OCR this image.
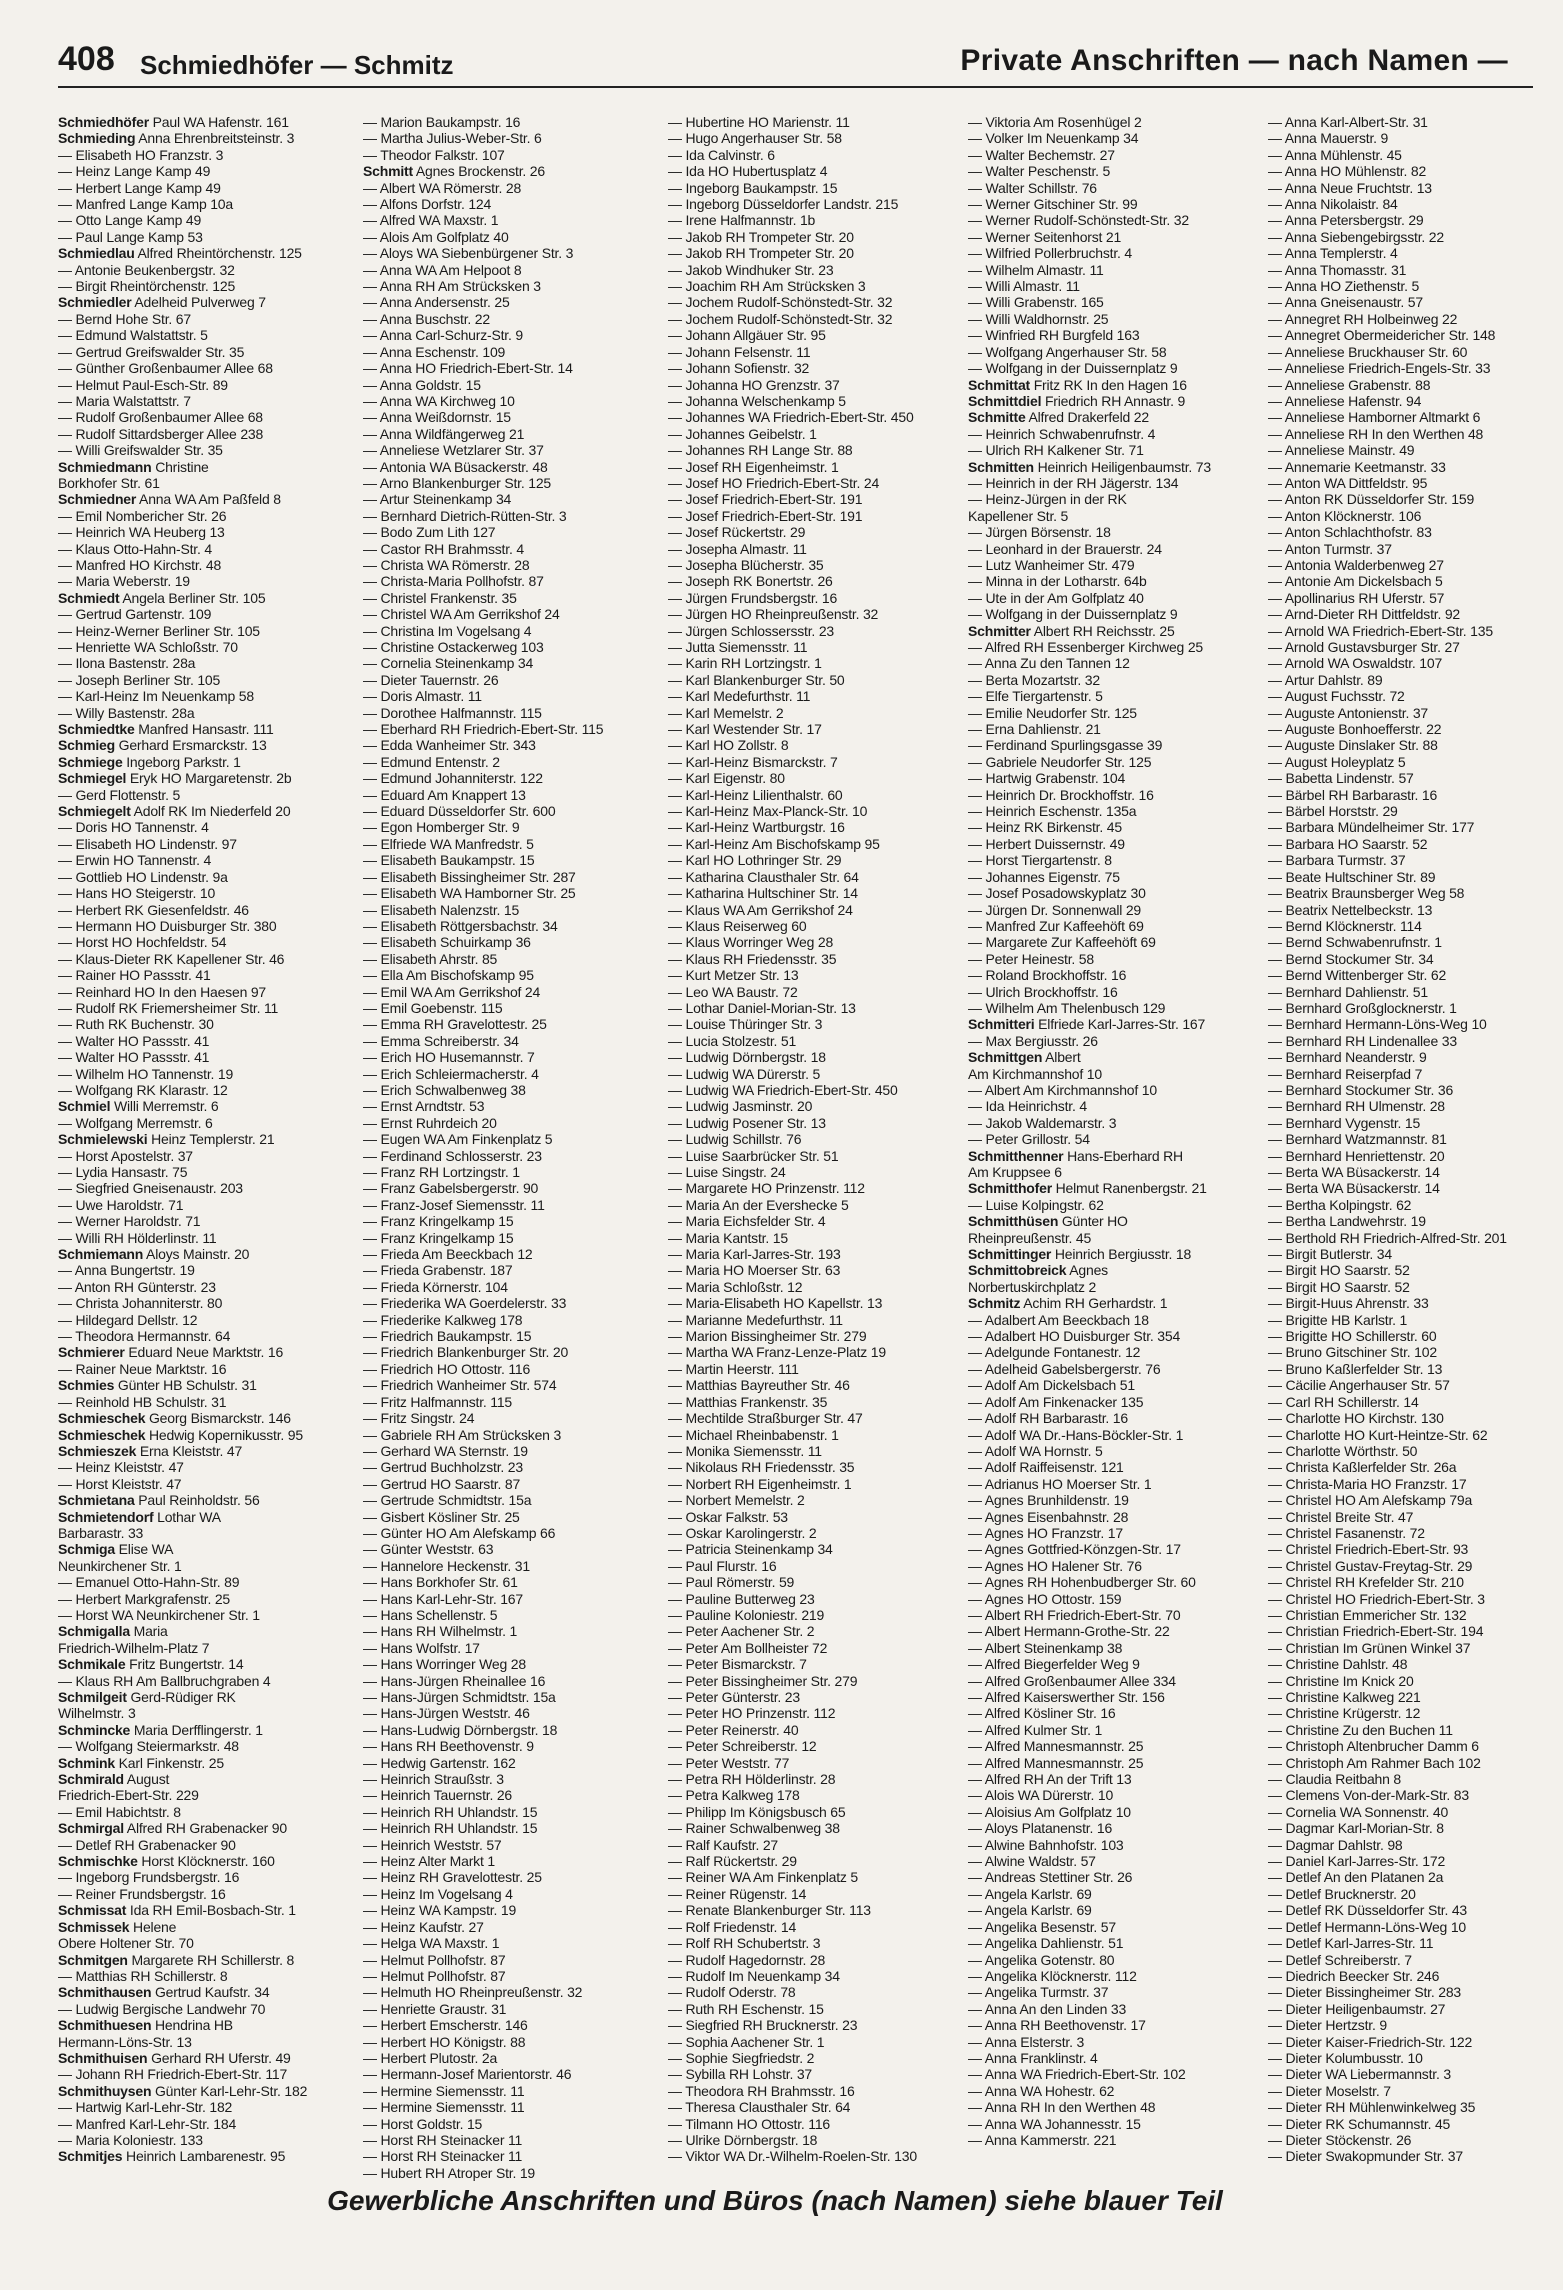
408 Schmiedhöfer — Schmitz	Private Anschriften — nach Namen —
Schmiedhöfer Paul WA Hafenstr. 161
Schmieding Anna Ehrenbreitsteinstr. 3
— Elisabeth HO Franzstr. 3
— Heinz Lange Kamp 49
— Herbert Lange Kamp 49
— Manfred Lange Kamp 10a
— Otto Lange Kamp 49
— Paul Lange Kamp 53
Schmiedlau Alfred Rheintörchenstr. 125
— Antonie Beukenbergstr. 32
— Birgit Rheintörchenstr. 125
Schmiedler Adelheid Pulverweg 7
— Bernd Hohe Str. 67
— Edmund Walstattstr. 5
— Gertrud Greifswalder Str. 35
— Günther Großenbaumer Allee 68
— Helmut Paul-Esch-Str. 89
— Maria Walstattstr. 7
— Rudolf Großenbaumer Allee 68
— Rudolf Sittardsberger Allee 238
— Willi Greifswalder Str. 35
Schmiedmann Christine
Borkhofer Str. 61
Schmiedner Anna WA Am Paßfeld 8
— Emil Nombericher Str. 26
— Heinrich WA Heuberg 13
— Klaus Otto-Hahn-Str. 4
— Manfred HO Kirchstr. 48
— Maria Weberstr. 19
Schmiedt Angela Berliner Str. 105
— Gertrud Gartenstr. 109
— Heinz-Werner Berliner Str. 105
— Henriette WA Schloßstr. 70
— Ilona Bastenstr. 28a
— Joseph Berliner Str. 105
— Karl-Heinz Im Neuenkamp 58
— Willy Bastenstr. 28a
Schmiedtke Manfred Hansastr. 111
Schmieg Gerhard Ersmarckstr. 13
Schmiege Ingeborg Parkstr. 1
Schmiegel Eryk HO Margaretenstr. 2b
— Gerd Flottenstr. 5
Schmiegelt Adolf RK Im Niederfeld 20
— Doris HO Tannenstr. 4
— Elisabeth HO Lindenstr. 97
— Erwin HO Tannenstr. 4
— Gottlieb HO Lindenstr. 9a
— Hans HO Steigerstr. 10
— Herbert RK Giesenfeldstr. 46
— Hermann HO Duisburger Str. 380
— Horst HO Hochfeldstr. 54
— Klaus-Dieter RK Kapellener Str. 46
— Rainer HO Passstr. 41
— Reinhard HO In den Haesen 97
— Rudolf RK Friemersheimer Str. 11
— Ruth RK Buchenstr. 30
— Walter HO Passstr. 41
— Walter HO Passstr. 41
— Wilhelm HO Tannenstr. 19
— Wolfgang RK Klarastr. 12
Schmiel Willi Merremstr. 6
— Wolfgang Merremstr. 6
Schmielewski Heinz Templerstr. 21
— Horst Apostelstr. 37
— Lydia Hansastr. 75
— Siegfried Gneisenaustr. 203
— Uwe Haroldstr. 71
— Werner Haroldstr. 71
— Willi RH Hölderlinstr. 11
Schmiemann Aloys Mainstr. 20
— Anna Bungertstr. 19
— Anton RH Günterstr. 23
— Christa Johanniterstr. 80
— Hildegard Dellstr. 12
— Theodora Hermannstr. 64
Schmierer Eduard Neue Marktstr. 16
— Rainer Neue Marktstr. 16
Schmies Günter HB Schulstr. 31
— Reinhold HB Schulstr. 31
Schmieschek Georg Bismarckstr. 146
Schmieschek Hedwig Kopernikusstr. 95
Schmieszek Erna Kleiststr. 47
— Heinz Kleiststr. 47
— Horst Kleiststr. 47
Schmietana Paul Reinholdstr. 56
Schmietendorf Lothar WA
Barbarastr. 33
Schmiga Elise WA
Neunkirchener Str. 1
— Emanuel Otto-Hahn-Str. 89
— Herbert Markgrafenstr. 25
— Horst WA Neunkirchener Str. 1
Schmigalla Maria
Friedrich-Wilhelm-Platz 7
Schmikale Fritz Bungertstr. 14
— Klaus RH Am Ballbruchgraben 4
Schmilgeit Gerd-Rüdiger RK
Wilhelmstr. 3
Schmincke Maria Derfflingerstr. 1
— Wolfgang Steiermarkstr. 48
Schmink Karl Finkenstr. 25
Schmirald August
Friedrich-Ebert-Str. 229
— Emil Habichtstr. 8
Schmirgal Alfred RH Grabenacker 90
— Detlef RH Grabenacker 90
Schmischke Horst Klöcknerstr. 160
— Ingeborg Frundsbergstr. 16
— Reiner Frundsbergstr. 16
Schmissat Ida RH Emil-Bosbach-Str. 1
Schmissek Helene
Obere Holtener Str. 70
Schmitgen Margarete RH Schillerstr. 8
— Matthias RH Schillerstr. 8
Schmithausen Gertrud Kaufstr. 34
— Ludwig Bergische Landwehr 70
Schmithuesen Hendrina HB
Hermann-Löns-Str. 13
Schmithuisen Gerhard RH Uferstr. 49
— Johann RH Friedrich-Ebert-Str. 117
Schmithuysen Günter Karl-Lehr-Str. 182
— Hartwig Karl-Lehr-Str. 182
— Manfred Karl-Lehr-Str. 184
— Maria Koloniestr. 133
Schmitjes Heinrich Lambarenestr. 95
— Marion Baukampstr. 16
— Martha Julius-Weber-Str. 6
— Theodor Falkstr. 107
Schmitt Agnes Brockenstr. 26
— Albert WA Römerstr. 28
— Alfons Dorfstr. 124
— Alfred WA Maxstr. 1
— Alois Am Golfplatz 40
— Aloys WA Siebenbürgener Str. 3
— Anna WA Am Helpoot 8
— Anna RH Am Strücksken 3
— Anna Andersenstr. 25
— Anna Buschstr. 22
— Anna Carl-Schurz-Str. 9
— Anna Eschenstr. 109
— Anna HO Friedrich-Ebert-Str. 14
— Anna Goldstr. 15
— Anna WA Kirchweg 10
— Anna Weißdornstr. 15
— Anna Wildfängerweg 21
— Anneliese Wetzlarer Str. 37
— Antonia WA Büsackerstr. 48
— Arno Blankenburger Str. 125
— Artur Steinenkamp 34
— Bernhard Dietrich-Rütten-Str. 3
— Bodo Zum Lith 127
— Castor RH Brahmsstr. 4
— Christa WA Römerstr. 28
— Christa-Maria Pollhofstr. 87
— Christel Frankenstr. 35
— Christel WA Am Gerrikshof 24
— Christina Im Vogelsang 4
— Christine Ostackerweg 103
— Cornelia Steinenkamp 34
— Dieter Tauernstr. 26
— Doris Almastr. 11
— Dorothee Halfmannstr. 115
— Eberhard RH Friedrich-Ebert-Str. 115
— Edda Wanheimer Str. 343
— Edmund Entenstr. 2
— Edmund Johanniterstr. 122
— Eduard Am Knappert 13
— Eduard Düsseldorfer Str. 600
— Egon Homberger Str. 9
— Elfriede WA Manfredstr. 5
— Elisabeth Baukampstr. 15
— Elisabeth Bissingheimer Str. 287
— Elisabeth WA Hamborner Str. 25
— Elisabeth Nalenzstr. 15
— Elisabeth Röttgersbachstr. 34
— Elisabeth Schuirkamp 36
— Elisabeth Ahrstr. 85
— Ella Am Bischofskamp 95
— Emil WA Am Gerrikshof 24
— Emil Goebenstr. 115
— Emma RH Gravelottestr. 25
— Emma Schreiberstr. 34
— Erich HO Husemannstr. 7
— Erich Schleiermacherstr. 4
— Erich Schwalbenweg 38
— Ernst Arndtstr. 53
— Ernst Ruhrdeich 20
— Eugen WA Am Finkenplatz 5
— Ferdinand Schlosserstr. 23
— Franz RH Lortzingstr. 1
— Franz Gabelsbergerstr. 90
— Franz-Josef Siemensstr. 11
— Franz Kringelkamp 15
— Franz Kringelkamp 15
— Frieda Am Beeckbach 12
— Frieda Grabenstr. 187
— Frieda Körnerstr. 104
— Friederika WA Goerdelerstr. 33
— Friederike Kalkweg 178
— Friedrich Baukampstr. 15
— Friedrich Blankenburger Str. 20
— Friedrich HO Ottostr. 116
— Friedrich Wanheimer Str. 574
— Fritz Halfmannstr. 115
— Fritz Singstr. 24
— Gabriele RH Am Strücksken 3
— Gerhard WA Sternstr. 19
— Gertrud Buchholzstr. 23
— Gertrud HO Saarstr. 87
— Gertrude Schmidtstr. 15a
— Gisbert Kösliner Str. 25
— Günter HO Am Alefskamp 66
— Günter Weststr. 63
— Hannelore Heckenstr. 31
— Hans Borkhofer Str. 61
— Hans Karl-Lehr-Str. 167
— Hans Schellenstr. 5
— Hans RH Wilhelmstr. 1
— Hans Wolfstr. 17
— Hans Worringer Weg 28
— Hans-Jürgen Rheinallee 16
— Hans-Jürgen Schmidtstr. 15a
— Hans-Jürgen Weststr. 46
— Hans-Ludwig Dörnbergstr. 18
— Hans RH Beethovenstr. 9
— Hedwig Gartenstr. 162
— Heinrich Straußstr. 3
— Heinrich Tauernstr. 26
— Heinrich RH Uhlandstr. 15
— Heinrich RH Uhlandstr. 15
— Heinrich Weststr. 57
— Heinz Alter Markt 1
— Heinz RH Gravelottestr. 25
— Heinz Im Vogelsang 4
— Heinz WA Kampstr. 19
— Heinz Kaufstr. 27
— Helga WA Maxstr. 1
— Helmut Pollhofstr. 87
— Helmut Pollhofstr. 87
— Helmuth HO Rheinpreußenstr. 32
— Henriette Graustr. 31
— Herbert Emscherstr. 146
— Herbert HO Königstr. 88
— Herbert Plutostr. 2a
— Hermann-Josef Marientorstr. 46
— Hermine Siemensstr. 11
— Hermine Siemensstr. 11
— Horst Goldstr. 15
— Horst RH Steinacker 11
— Horst RH Steinacker 11
— Hubert RH Atroper Str. 19
— Hubertine HO Marienstr. 11
— Hugo Angerhauser Str. 58
— Ida Calvinstr. 6
— Ida HO Hubertusplatz 4
— Ingeborg Baukampstr. 15
— Ingeborg Düsseldorfer Landstr. 215
— Irene Halfmannstr. 1b
— Jakob RH Trompeter Str. 20
— Jakob RH Trompeter Str. 20
— Jakob Windhuker Str. 23
— Joachim RH Am Strücksken 3
— Jochem Rudolf-Schönstedt-Str. 32
— Jochem Rudolf-Schönstedt-Str. 32
— Johann Allgäuer Str. 95
— Johann Felsenstr. 11
— Johann Sofienstr. 32
— Johanna HO Grenzstr. 37
— Johanna Welschenkamp 5
— Johannes WA Friedrich-Ebert-Str. 450
— Johannes Geibelstr. 1
— Johannes RH Lange Str. 88
— Josef RH Eigenheimstr. 1
— Josef HO Friedrich-Ebert-Str. 24
— Josef Friedrich-Ebert-Str. 191
— Josef Friedrich-Ebert-Str. 191
— Josef Rückertstr. 29
— Josepha Almastr. 11
— Josepha Blücherstr. 35
— Joseph RK Bonertstr. 26
— Jürgen Frundsbergstr. 16
— Jürgen HO Rheinpreußenstr. 32
— Jürgen Schlossersstr. 23
— Jutta Siemensstr. 11
— Karin RH Lortzingstr. 1
— Karl Blankenburger Str. 50
— Karl Medefurthstr. 11
— Karl Memelstr. 2
— Karl Westender Str. 17
— Karl HO Zollstr. 8
— Karl-Heinz Bismarckstr. 7
— Karl Eigenstr. 80
— Karl-Heinz Lilienthalstr. 60
— Karl-Heinz Max-Planck-Str. 10
— Karl-Heinz Wartburgstr. 16
— Karl-Heinz Am Bischofskamp 95
— Karl HO Lothringer Str. 29
— Katharina Clausthaler Str. 64
— Katharina Hultschiner Str. 14
— Klaus WA Am Gerrikshof 24
— Klaus Reiserweg 60
— Klaus Worringer Weg 28
— Klaus RH Friedensstr. 35
— Kurt Metzer Str. 13
— Leo WA Baustr. 72
— Lothar Daniel-Morian-Str. 13
— Louise Thüringer Str. 3
— Lucia Stolzestr. 51
— Ludwig Dörnbergstr. 18
— Ludwig WA Dürerstr. 5
— Ludwig WA Friedrich-Ebert-Str. 450
— Ludwig Jasminstr. 20
— Ludwig Posener Str. 13
— Ludwig Schillstr. 76
— Luise Saarbrücker Str. 51
— Luise Singstr. 24
— Margarete HO Prinzenstr. 112
— Maria An der Evershecke 5
— Maria Eichsfelder Str. 4
— Maria Kantstr. 15
— Maria Karl-Jarres-Str. 193
— Maria HO Moerser Str. 63
— Maria Schloßstr. 12
— Maria-Elisabeth HO Kapellstr. 13
— Marianne Medefurthstr. 11
— Marion Bissingheimer Str. 279
— Martha WA Franz-Lenze-Platz 19
— Martin Heerstr. 111
— Matthias Bayreuther Str. 46
— Matthias Frankenstr. 35
— Mechtilde Straßburger Str. 47
— Michael Rheinbabenstr. 1
— Monika Siemensstr. 11
— Nikolaus RH Friedensstr. 35
— Norbert RH Eigenheimstr. 1
— Norbert Memelstr. 2
— Oskar Falkstr. 53
— Oskar Karolingerstr. 2
— Patricia Steinenkamp 34
— Paul Flurstr. 16
— Paul Römerstr. 59
— Pauline Butterweg 23
— Pauline Koloniestr. 219
— Peter Aachener Str. 2
— Peter Am Bollheister 72
— Peter Bismarckstr. 7
— Peter Bissingheimer Str. 279
— Peter Günterstr. 23
— Peter HO Prinzenstr. 112
— Peter Reinerstr. 40
— Peter Schreiberstr. 12
— Peter Weststr. 77
— Petra RH Hölderlinstr. 28
— Petra Kalkweg 178
— Philipp Im Königsbusch 65
— Rainer Schwalbenweg 38
— Ralf Kaufstr. 27
— Ralf Rückertstr. 29
— Reiner WA Am Finkenplatz 5
— Reiner Rügenstr. 14
— Renate Blankenburger Str. 113
— Rolf Friedenstr. 14
— Rolf RH Schubertstr. 3
— Rudolf Hagedornstr. 28
— Rudolf Im Neuenkamp 34
— Rudolf Oderstr. 78
— Ruth RH Eschenstr. 15
— Siegfried RH Brucknerstr. 23
— Sophia Aachener Str. 1
— Sophie Siegfriedstr. 2
— Sybilla RH Lohstr. 37
— Theodora RH Brahmsstr. 16
— Theresa Clausthaler Str. 64
— Tilmann HO Ottostr. 116
— Ulrike Dörnbergstr. 18
— Viktor WA Dr.-Wilhelm-Roelen-Str. 130
— Viktoria Am Rosenhügel 2
— Volker Im Neuenkamp 34
— Walter Bechemstr. 27
— Walter Peschenstr. 5
— Walter Schillstr. 76
— Werner Gitschiner Str. 99
— Werner Rudolf-Schönstedt-Str. 32
— Werner Seitenhorst 21
— Wilfried Pollerbruchstr. 4
— Wilhelm Almastr. 11
— Willi Almastr. 11
— Willi Grabenstr. 165
— Willi Waldhornstr. 25
— Winfried RH Burgfeld 163
— Wolfgang Angerhauser Str. 58
— Wolfgang in der Duissernplatz 9
Schmittat Fritz RK In den Hagen 16
Schmittdiel Friedrich RH Annastr. 9
Schmitte Alfred Drakerfeld 22
— Heinrich Schwabenrufnstr. 4
— Ulrich RH Kalkener Str. 71
Schmitten Heinrich Heiligenbaumstr. 73
— Heinrich in der RH Jägerstr. 134
— Heinz-Jürgen in der RK
Kapellener Str. 5
— Jürgen Börsenstr. 18
— Leonhard in der Brauerstr. 24
— Lutz Wanheimer Str. 479
— Minna in der Lotharstr. 64b
— Ute in der Am Golfplatz 40
— Wolfgang in der Duissernplatz 9
Schmitter Albert RH Reichsstr. 25
— Alfred RH Essenberger Kirchweg 25
— Anna Zu den Tannen 12
— Berta Mozartstr. 32
— Elfe Tiergartenstr. 5
— Emilie Neudorfer Str. 125
— Erna Dahlienstr. 21
— Ferdinand Spurlingsgasse 39
— Gabriele Neudorfer Str. 125
— Hartwig Grabenstr. 104
— Heinrich Dr. Brockhoffstr. 16
— Heinrich Eschenstr. 135a
— Heinz RK Birkenstr. 45
— Herbert Duissernstr. 49
— Horst Tiergartenstr. 8
— Johannes Eigenstr. 75
— Josef Posadowskyplatz 30
— Jürgen Dr. Sonnenwall 29
— Manfred Zur Kaffeehöft 69
— Margarete Zur Kaffeehöft 69
— Peter Heinestr. 58
— Roland Brockhoffstr. 16
— Ulrich Brockhoffstr. 16
— Wilhelm Am Thelenbusch 129
Schmitteri Elfriede Karl-Jarres-Str. 167
— Max Bergiusstr. 26
Schmittgen Albert
Am Kirchmannshof 10
— Albert Am Kirchmannshof 10
— Ida Heinrichstr. 4
— Jakob Waldemarstr. 3
— Peter Grillostr. 54
Schmitthenner Hans-Eberhard RH
Am Kruppsee 6
Schmitthofer Helmut Ranenbergstr. 21
— Luise Kolpingstr. 62
Schmitthüsen Günter HO
Rheinpreußenstr. 45
Schmittinger Heinrich Bergiusstr. 18
Schmittobreick Agnes
Norbertuskirchplatz 2
Schmitz Achim RH Gerhardstr. 1
— Adalbert Am Beeckbach 18
— Adalbert HO Duisburger Str. 354
— Adelgunde Fontanestr. 12
— Adelheid Gabelsbergerstr. 76
— Adolf Am Dickelsbach 51
— Adolf Am Finkenacker 135
— Adolf RH Barbarastr. 16
— Adolf WA Dr.-Hans-Böckler-Str. 1
— Adolf WA Hornstr. 5
— Adolf Raiffeisenstr. 121
— Adrianus HO Moerser Str. 1
— Agnes Brunhildenstr. 19
— Agnes Eisenbahnstr. 28
— Agnes HO Franzstr. 17
— Agnes Gottfried-Könzgen-Str. 17
— Agnes HO Halener Str. 76
— Agnes RH Hohenbudberger Str. 60
— Agnes HO Ottostr. 159
— Albert RH Friedrich-Ebert-Str. 70
— Albert Hermann-Grothe-Str. 22
— Albert Steinenkamp 38
— Alfred Biegerfelder Weg 9
— Alfred Großenbaumer Allee 334
— Alfred Kaiserswerther Str. 156
— Alfred Kösliner Str. 16
— Alfred Kulmer Str. 1
— Alfred Mannesmannstr. 25
— Alfred Mannesmannstr. 25
— Alfred RH An der Trift 13
— Alois WA Dürerstr. 10
— Aloisius Am Golfplatz 10
— Aloys Platanenstr. 16
— Alwine Bahnhofstr. 103
— Alwine Waldstr. 57
— Andreas Stettiner Str. 26
— Angela Karlstr. 69
— Angela Karlstr. 69
— Angelika Besenstr. 57
— Angelika Dahlienstr. 51
— Angelika Gotenstr. 80
— Angelika Klöcknerstr. 112
— Angelika Turmstr. 37
— Anna An den Linden 33
— Anna RH Beethovenstr. 17
— Anna Elsterstr. 3
— Anna Franklinstr. 4
— Anna WA Friedrich-Ebert-Str. 102
— Anna WA Hohestr. 62
— Anna RH In den Werthen 48
— Anna WA Johannesstr. 15
— Anna Kammerstr. 221
— Anna Karl-Albert-Str. 31
— Anna Mauerstr. 9
— Anna Mühlenstr. 45
— Anna HO Mühlenstr. 82
— Anna Neue Fruchtstr. 13
— Anna Nikolaistr. 84
— Anna Petersbergstr. 29
— Anna Siebengebirgsstr. 22
— Anna Templerstr. 4
— Anna Thomasstr. 31
— Anna HO Ziethenstr. 5
— Anna Gneisenaustr. 57
— Annegret RH Holbeinweg 22
— Annegret Obermeidericher Str. 148
— Anneliese Bruckhauser Str. 60
— Anneliese Friedrich-Engels-Str. 33
— Anneliese Grabenstr. 88
— Anneliese Hafenstr. 94
— Anneliese Hamborner Altmarkt 6
— Anneliese RH In den Werthen 48
— Anneliese Mainstr. 49
— Annemarie Keetmanstr. 33
— Anton WA Dittfeldstr. 95
— Anton RK Düsseldorfer Str. 159
— Anton Klöcknerstr. 106
— Anton Schlachthofstr. 83
— Anton Turmstr. 37
— Antonia Walderbenweg 27
— Antonie Am Dickelsbach 5
— Apollinarius RH Uferstr. 57
— Arnd-Dieter RH Dittfeldstr. 92
— Arnold WA Friedrich-Ebert-Str. 135
— Arnold Gustavsburger Str. 27
— Arnold WA Oswaldstr. 107
— Artur Dahlstr. 89
— August Fuchsstr. 72
— Auguste Antonienstr. 37
— Auguste Bonhoefferstr. 22
— Auguste Dinslaker Str. 88
— August Holeyplatz 5
— Babetta Lindenstr. 57
— Bärbel RH Barbarastr. 16
— Bärbel Horststr. 29
— Barbara Mündelheimer Str. 177
— Barbara HO Saarstr. 52
— Barbara Turmstr. 37
— Beate Hultschiner Str. 89
— Beatrix Braunsberger Weg 58
— Beatrix Nettelbeckstr. 13
— Bernd Klöcknerstr. 114
— Bernd Schwabenrufnstr. 1
— Bernd Stockumer Str. 34
— Bernd Wittenberger Str. 62
— Bernhard Dahlienstr. 51
— Bernhard Großglocknerstr. 1
— Bernhard Hermann-Löns-Weg 10
— Bernhard RH Lindenallee 33
— Bernhard Neanderstr. 9
— Bernhard Reiserpfad 7
— Bernhard Stockumer Str. 36
— Bernhard RH Ulmenstr. 28
— Bernhard Vygenstr. 15
— Bernhard Watzmannstr. 81
— Bernhard Henriettenstr. 20
— Berta WA Büsackerstr. 14
— Berta WA Büsackerstr. 14
— Bertha Kolpingstr. 62
— Bertha Landwehrstr. 19
— Berthold RH Friedrich-Alfred-Str. 201
— Birgit Butlerstr. 34
— Birgit HO Saarstr. 52
— Birgit HO Saarstr. 52
— Birgit-Huus Ahrenstr. 33
— Brigitte HB Karlstr. 1
— Brigitte HO Schillerstr. 60
— Bruno Gitschiner Str. 102
— Bruno Kaßlerfelder Str. 13
— Cäcilie Angerhauser Str. 57
— Carl RH Schillerstr. 14
— Charlotte HO Kirchstr. 130
— Charlotte HO Kurt-Heintze-Str. 62
— Charlotte Wörthstr. 50
— Christa Kaßlerfelder Str. 26a
— Christa-Maria HO Franzstr. 17
— Christel HO Am Alefskamp 79a
— Christel Breite Str. 47
— Christel Fasanenstr. 72
— Christel Friedrich-Ebert-Str. 93
— Christel Gustav-Freytag-Str. 29
— Christel RH Krefelder Str. 210
— Christel HO Friedrich-Ebert-Str. 3
— Christian Emmericher Str. 132
— Christian Friedrich-Ebert-Str. 194
— Christian Im Grünen Winkel 37
— Christine Dahlstr. 48
— Christine Im Knick 20
— Christine Kalkweg 221
— Christine Krügerstr. 12
— Christine Zu den Buchen 11
— Christoph Altenbrucher Damm 6
— Christoph Am Rahmer Bach 102
— Claudia Reitbahn 8
— Clemens Von-der-Mark-Str. 83
— Cornelia WA Sonnenstr. 40
— Dagmar Karl-Morian-Str. 8
— Dagmar Dahlstr. 98
— Daniel Karl-Jarres-Str. 172
— Detlef An den Platanen 2a
— Detlef Brucknerstr. 20
— Detlef RK Düsseldorfer Str. 43
— Detlef Hermann-Löns-Weg 10
— Detlef Karl-Jarres-Str. 11
— Detlef Schreiberstr. 7
— Diedrich Beecker Str. 246
— Dieter Bissingheimer Str. 283
— Dieter Heiligenbaumstr. 27
— Dieter Hertzstr. 9
— Dieter Kaiser-Friedrich-Str. 122
— Dieter Kolumbusstr. 10
— Dieter WA Liebermannstr. 3
— Dieter Moselstr. 7
— Dieter RH Mühlenwinkelweg 35
— Dieter RK Schumannstr. 45
— Dieter Stöckenstr. 26
— Dieter Swakopmunder Str. 37
Gewerbliche Anschriften und Büros (nach Namen) siehe blauer Teil
